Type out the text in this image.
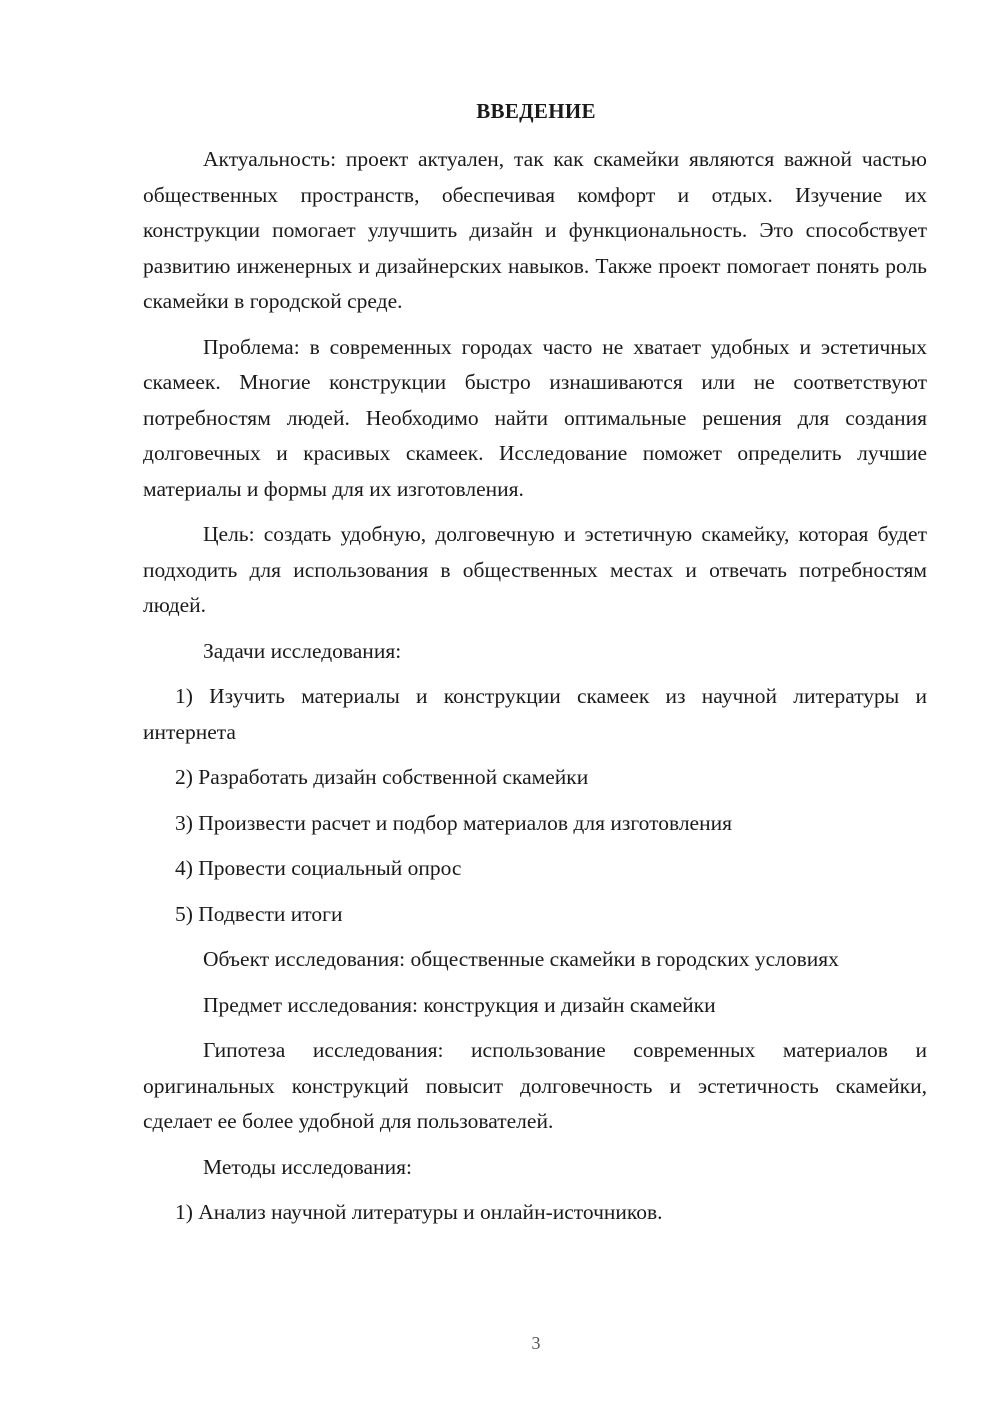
ВВЕДЕНИЕ

Актуальность: проект актуален, так как скамейки являются важной частью общественных пространств, обеспечивая комфорт и отдых. Изучение их конструкции помогает улучшить дизайн и функциональность. Это способствует развитию инженерных и дизайнерских навыков. Также проект помогает понять роль скамейки в городской среде.

Проблема: в современных городах часто не хватает удобных и эстетичных скамеек. Многие конструкции быстро изнашиваются или не соответствуют потребностям людей. Необходимо найти оптимальные решения для создания долговечных и красивых скамеек. Исследование поможет определить лучшие материалы и формы для их изготовления.

Цель: создать удобную, долговечную и эстетичную скамейку, которая будет подходить для использования в общественных местах и отвечать потребностям людей.

Задачи исследования:

1) Изучить материалы и конструкции скамеек из научной литературы и интернета

2) Разработать дизайн собственной скамейки

3) Произвести расчет и подбор материалов для изготовления

4) Провести социальный опрос

5) Подвести итоги

Объект исследования: общественные скамейки в городских условиях

Предмет исследования: конструкция и дизайн скамейки

Гипотеза исследования: использование современных материалов и оригинальных конструкций повысит долговечность и эстетичность скамейки, сделает ее более удобной для пользователей.

Методы исследования:

1) Анализ научной литературы и онлайн-источников.

3
